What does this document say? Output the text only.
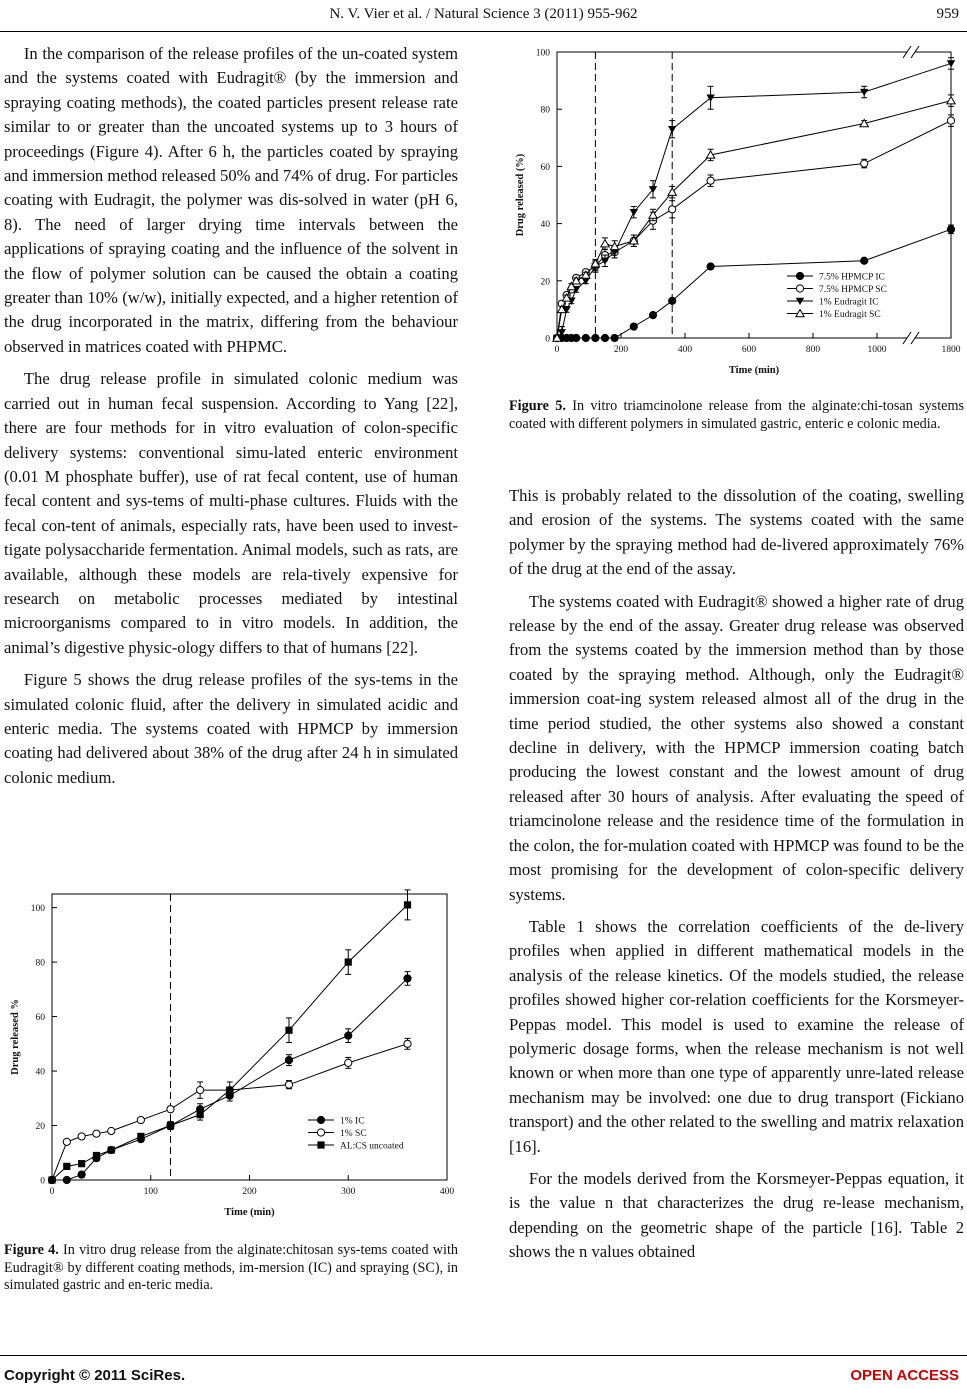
N. V. Vier et al. / Natural Science 3 (2011) 955-962	959

In the comparison of the release profiles of the un-coated system and the systems coated with Eudragit® (by the immersion and spraying coating methods), the coated particles present release rate similar to or greater than the uncoated systems up to 3 hours of proceedings (Figure 4). After 6 h, the particles coated by spraying and immersion method released 50% and 74% of drug. For particles coating with Eudragit, the polymer was dis-solved in water (pH 6, 8). The need of larger drying time intervals between the applications of spraying coating and the influence of the solvent in the flow of polymer solution can be caused the obtain a coating greater than 10% (w/w), initially expected, and a higher retention of the drug incorporated in the matrix, differing from the behaviour observed in matrices coated with PHPMC.

The drug release profile in simulated colonic medium was carried out in human fecal suspension. According to Yang [22], there are four methods for in vitro evaluation of colon-specific delivery systems: conventional simu-lated enteric environment (0.01 M phosphate buffer), use of rat fecal content, use of human fecal content and sys-tems of multi-phase cultures. Fluids with the fecal con-tent of animals, especially rats, have been used to invest-tigate polysaccharide fermentation. Animal models, such as rats, are available, although these models are rela-tively expensive for research on metabolic processes mediated by intestinal microorganisms compared to in vitro models. In addition, the animal’s digestive physic-ology differs to that of humans [22].

Figure 5 shows the drug release profiles of the sys-tems in the simulated colonic fluid, after the delivery in simulated acidic and enteric media. The systems coated with HPMCP by immersion coating had delivered about 38% of the drug after 24 h in simulated colonic medium.

0
20
40
60
80
100
0	200	400	600	800	1000	1800
Time (min)
Drug released (%)
7.5% HPMCP IC
7.5% HPMCP SC
1% Eudragit IC
1% Eudragit SC
Figure 5. In vitro triamcinolone release from the alginate:chi-tosan systems coated with different polymers in simulated gastric, enteric e colonic media.

This is probably related to the dissolution of the coating, swelling and erosion of the systems. The systems coated with the same polymer by the spraying method had de-livered approximately 76% of the drug at the end of the assay.

The systems coated with Eudragit® showed a higher rate of drug release by the end of the assay. Greater drug release was observed from the systems coated by the immersion method than by those coated by the spraying method. Although, only the Eudragit® immersion coat-ing system released almost all of the drug in the time period studied, the other systems also showed a constant decline in delivery, with the HPMCP immersion coating batch producing the lowest constant and the lowest amount of drug released after 30 hours of analysis. After evaluating the speed of triamcinolone release and the residence time of the formulation in the colon, the for-mulation coated with HPMCP was found to be the most promising for the development of colon-specific delivery systems.

Table 1 shows the correlation coefficients of the de-livery profiles when applied in different mathematical models in the analysis of the release kinetics. Of the models studied, the release profiles showed higher cor-relation coefficients for the Korsmeyer-Peppas model. This model is used to examine the release of polymeric dosage forms, when the release mechanism is not well known or when more than one type of apparently unre-lated release mechanism may be involved: one due to drug transport (Fickiano transport) and the other related to the swelling and matrix relaxation [16].

For the models derived from the Korsmeyer-Peppas equation, it is the value n that characterizes the drug re-lease mechanism, depending on the geometric shape of the particle [16]. Table 2 shows the n values obtained

0
20
40
60
80
100
0	100	200	300	400
Time (min)
Drug released %
1% IC
1% SC
AL:CS uncoated
Figure 4. In vitro drug release from the alginate:chitosan sys-tems coated with Eudragit® by different coating methods, im-mersion (IC) and spraying (SC), in simulated gastric and en-teric media.
Copyright © 2011 SciRes.	OPEN ACCESS
